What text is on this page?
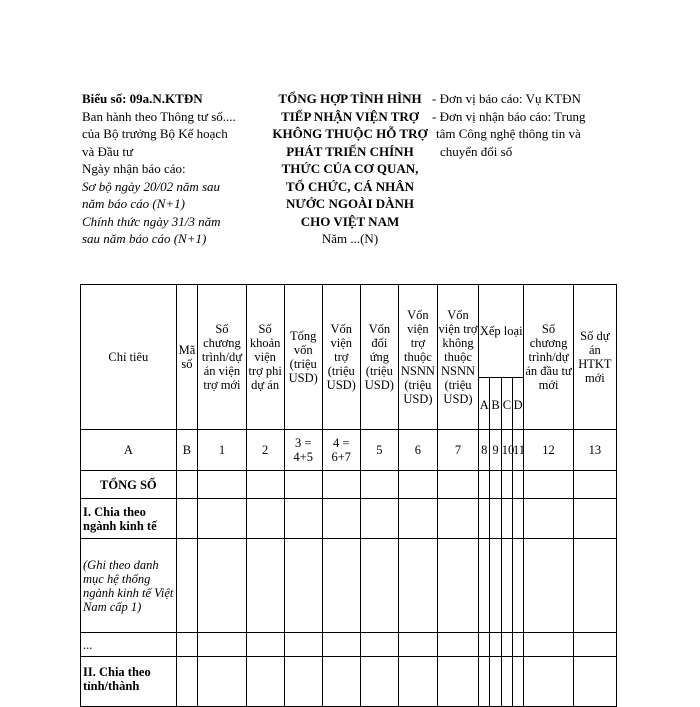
Biểu số: 09a.N.KTĐN
Ban hành theo Thông tư số....
của Bộ trưởng Bộ Kế hoạch
và Đầu tư
Ngày nhận báo cáo:
Sơ bộ ngày 20/02 năm sau
năm báo cáo (N+1)
Chính thức ngày 31/3 năm
sau năm báo cáo (N+1)
TỔNG HỢP TÌNH HÌNH
TIẾP NHẬN VIỆN TRỢ
KHÔNG THUỘC HỖ TRỢ
PHÁT TRIỂN CHÍNH
THỨC CỦA CƠ QUAN,
TỔ CHỨC, CÁ NHÂN
NƯỚC NGOÀI DÀNH
CHO VIỆT NAM
Năm ...(N)
- Đơn vị báo cáo: Vụ KTĐN
- Đơn vị nhận báo cáo: Trung
tâm Công nghệ thông tin và
chuyển đổi số
Chỉ tiêu	Mã số	Số chương trình/dự án viện trợ mới	Số khoản viện trợ phi dự án	Tổng vốn (triệu USD)	Vốn viện trợ (triệu USD)	Vốn đối ứng (triệu USD)	Vốn viện trợ thuộc NSNN (triệu USD)	Vốn viện trợ không thuộc NSNN (triệu USD)	Xếp loại				Số chương trình/dự án đầu tư mới	Số dự án HTKT mới
									A	B	C	D		
A	B	1	2	3 = 4+5	4 = 6+7	5	6	7	8	9	10	11	12	13
TỔNG SỐ														
I. Chia theo ngành kinh tế														
(Ghi theo danh mục hệ thống ngành kinh tế Việt Nam cấp 1)														
...														
II. Chia theo tỉnh/thành														
